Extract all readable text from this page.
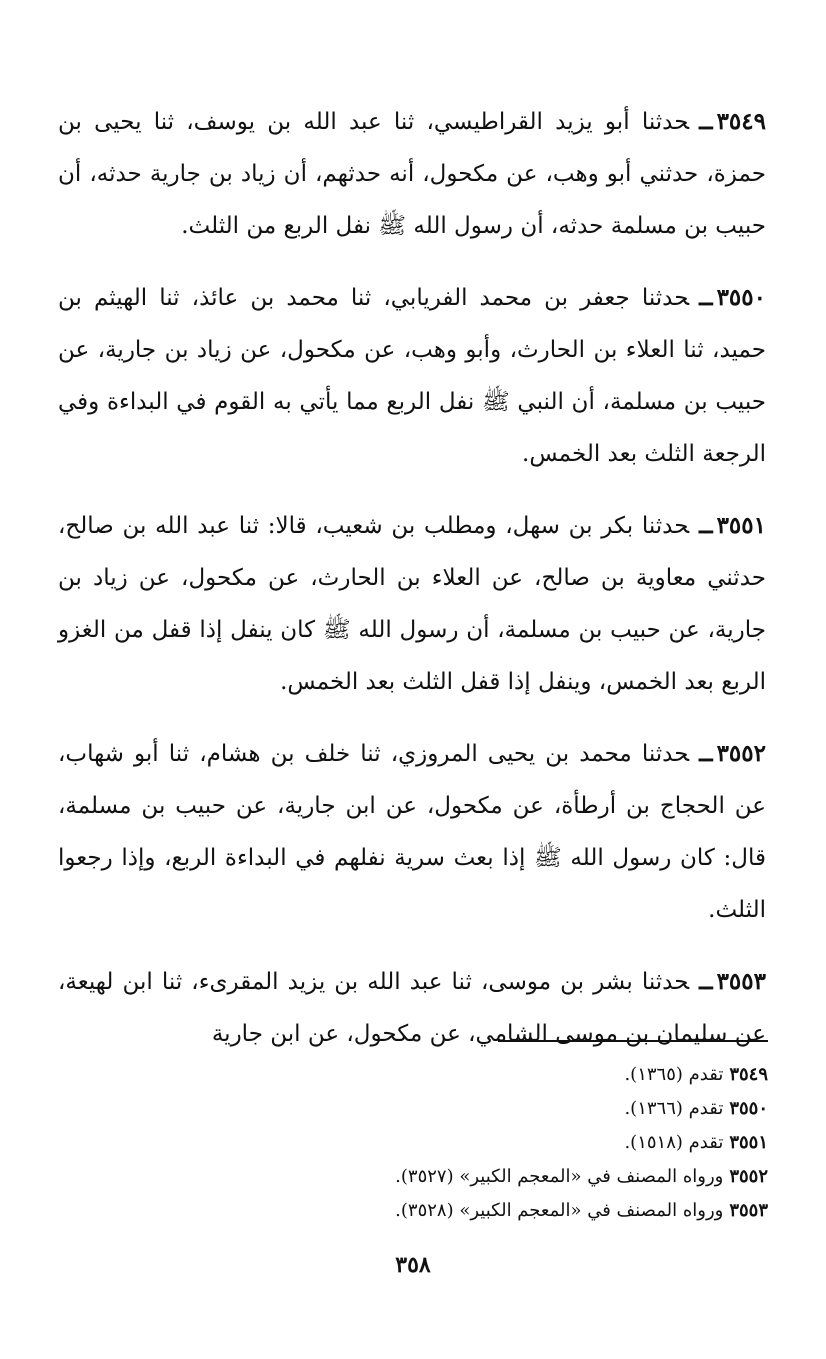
٣٥٤٩ــحدثنا أبو يزيد القراطيسي، ثنا عبد الله بن يوسف، ثنا يحيى بن حمزة، حدثني أبو وهب، عن مكحول، أنه حدثهم، أن زياد بن جارية حدثه، أن حبيب بن مسلمة حدثه، أن رسول الله ﷺ نفل الربع من الثلث.

٣٥٥٠ــحدثنا جعفر بن محمد الفريابي، ثنا محمد بن عائذ، ثنا الهيثم بن حميد، ثنا العلاء بن الحارث، وأبو وهب، عن مكحول، عن زياد بن جارية، عن حبيب بن مسلمة، أن النبي ﷺ نفل الربع مما يأتي به القوم في البداءة وفي الرجعة الثلث بعد الخمس.

٣٥٥١ــحدثنا بكر بن سهل، ومطلب بن شعيب، قالا: ثنا عبد الله بن صالح، حدثني معاوية بن صالح، عن العلاء بن الحارث، عن مكحول، عن زياد بن جارية، عن حبيب بن مسلمة، أن رسول الله ﷺ كان ينفل إذا قفل من الغزو الربع بعد الخمس، وينفل إذا قفل الثلث بعد الخمس.

٣٥٥٢ــحدثنا محمد بن يحيى المروزي، ثنا خلف بن هشام، ثنا أبو شهاب، عن الحجاج بن أرطأة، عن مكحول، عن ابن جارية، عن حبيب بن مسلمة، قال: كان رسول الله ﷺ إذا بعث سرية نفلهم في البداءة الربع، وإذا رجعوا الثلث.

٣٥٥٣ــحدثنا بشر بن موسى، ثنا عبد الله بن يزيد المقرىء، ثنا ابن لهيعة، عن سليمان بن موسى الشامي، عن مكحول، عن ابن جارية

٣٥٤٩تقدم (١٣٦٥).
٣٥٥٠تقدم (١٣٦٦).
٣٥٥١تقدم (١٥١٨).
٣٥٥٢ورواه المصنف في «المعجم الكبير» (٣٥٢٧).
٣٥٥٣ورواه المصنف في «المعجم الكبير» (٣٥٢٨).
٣٥٨
